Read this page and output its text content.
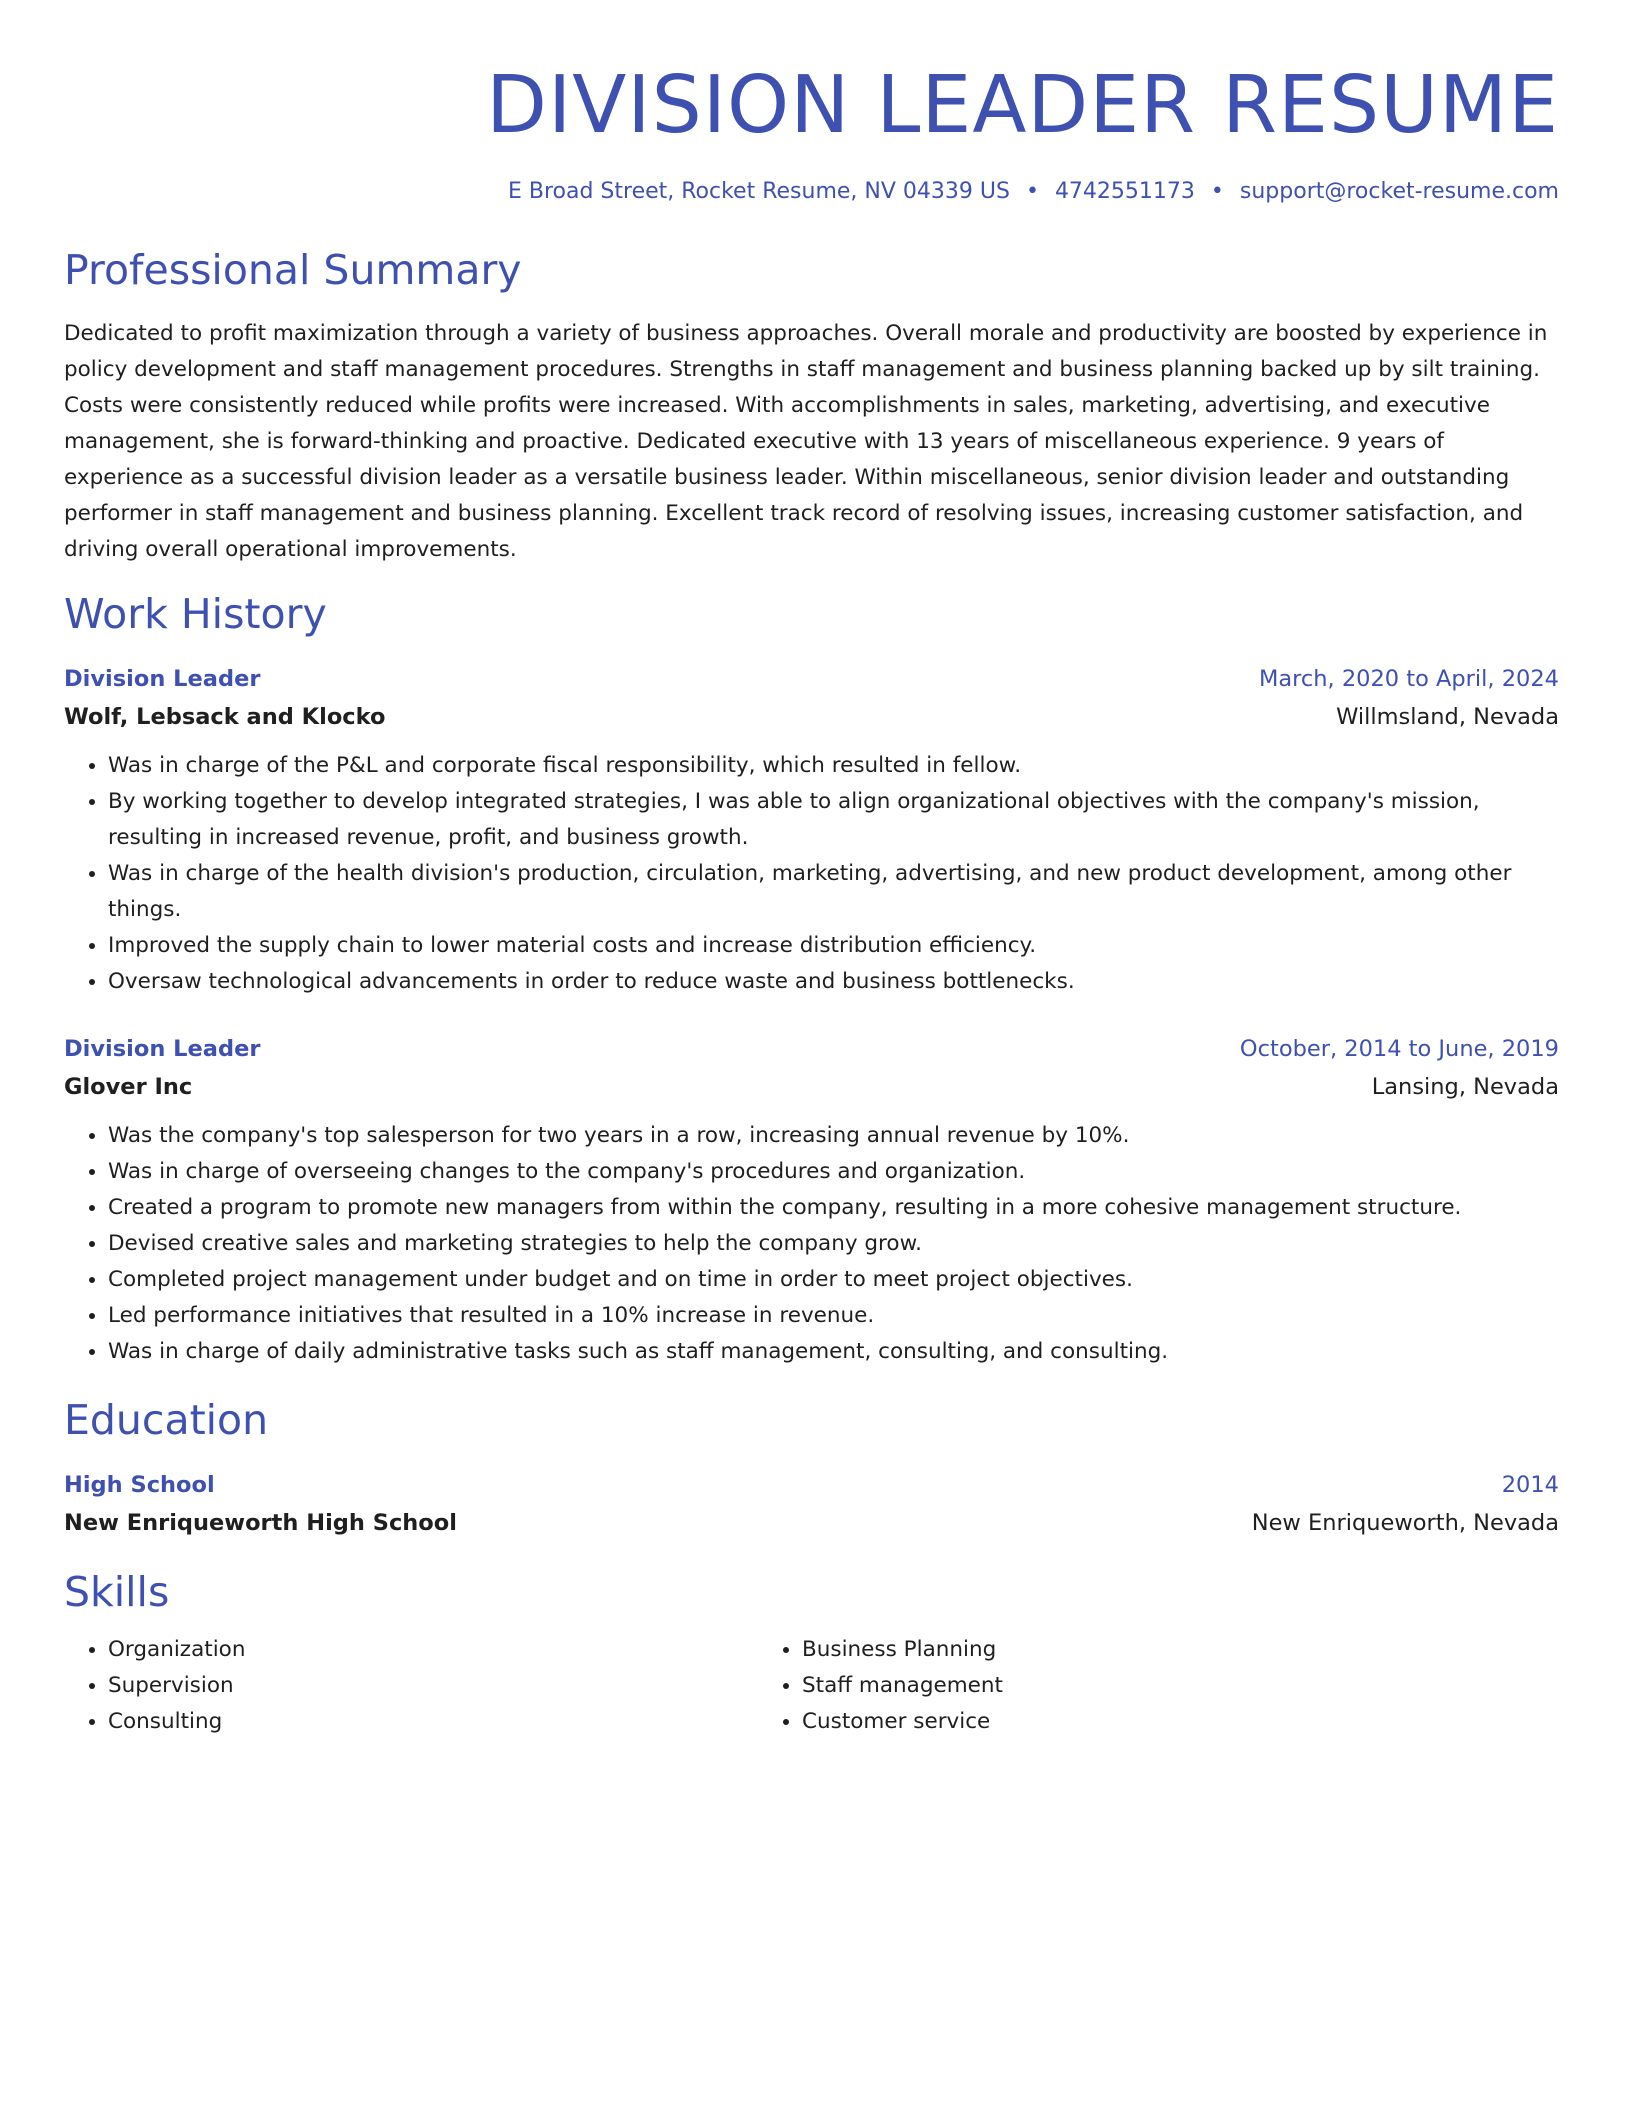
DIVISION LEADER RESUME
E Broad Street, Rocket Resume, NV 04339 US • 4742551173 • support@rocket-resume.com
Professional Summary

Dedicated to profit maximization through a variety of business approaches. Overall morale and productivity are boosted by experience in policy development and staff management procedures. Strengths in staff management and business planning backed up by silt training. Costs were consistently reduced while profits were increased. With accomplishments in sales, marketing, advertising, and executive management, she is forward-thinking and proactive. Dedicated executive with 13 years of miscellaneous experience. 9 years of experience as a successful division leader as a versatile business leader. Within miscellaneous, senior division leader and outstanding performer in staff management and business planning. Excellent track record of resolving issues, increasing customer satisfaction, and driving overall operational improvements.

Work History
Division Leader	March, 2020 to April, 2024
Wolf, Lebsack and Klocko	Willmsland, Nevada
• Was in charge of the P&L and corporate fiscal responsibility, which resulted in fellow.
• By working together to develop integrated strategies, I was able to align organizational objectives with the company's mission, resulting in increased revenue, profit, and business growth.
• Was in charge of the health division's production, circulation, marketing, advertising, and new product development, among other things.
• Improved the supply chain to lower material costs and increase distribution efficiency.
• Oversaw technological advancements in order to reduce waste and business bottlenecks.
Division Leader	October, 2014 to June, 2019
Glover Inc	Lansing, Nevada
• Was the company's top salesperson for two years in a row, increasing annual revenue by 10%.
• Was in charge of overseeing changes to the company's procedures and organization.
• Created a program to promote new managers from within the company, resulting in a more cohesive management structure.
• Devised creative sales and marketing strategies to help the company grow.
• Completed project management under budget and on time in order to meet project objectives.
• Led performance initiatives that resulted in a 10% increase in revenue.
• Was in charge of daily administrative tasks such as staff management, consulting, and consulting.
Education
High School	2014
New Enriqueworth High School	New Enriqueworth, Nevada
Skills
• Organization
• Supervision
• Consulting
• Business Planning
• Staff management
• Customer service
